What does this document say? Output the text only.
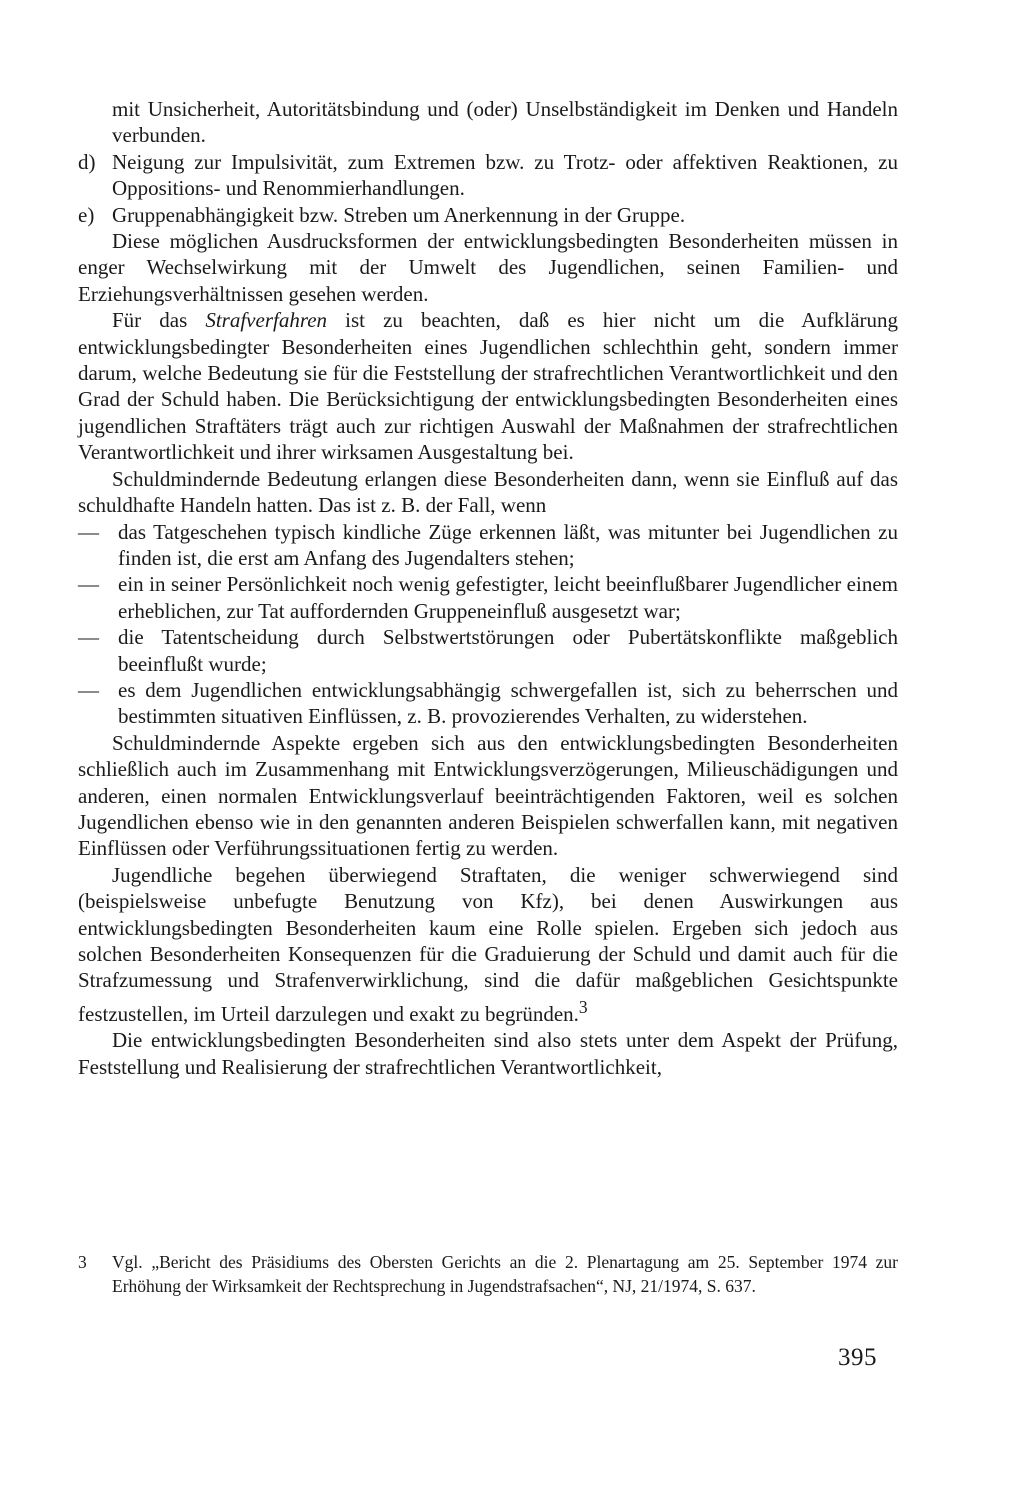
mit Unsicherheit, Autoritätsbindung und (oder) Unselbständigkeit im Denken und Handeln verbunden.

d) Neigung zur Impulsivität, zum Extremen bzw. zu Trotz- oder affektiven Reaktionen, zu Oppositions- und Renommierhandlungen.
e) Gruppenabhängigkeit bzw. Streben um Anerkennung in der Gruppe.

Diese möglichen Ausdrucksformen der entwicklungsbedingten Besonderheiten müssen in enger Wechselwirkung mit der Umwelt des Jugendlichen, seinen Familien- und Erziehungsverhältnissen gesehen werden.

Für das Strafverfahren ist zu beachten, daß es hier nicht um die Aufklärung entwicklungsbedingter Besonderheiten eines Jugendlichen schlechthin geht, sondern immer darum, welche Bedeutung sie für die Feststellung der strafrechtlichen Verantwortlichkeit und den Grad der Schuld haben. Die Berücksichtigung der entwicklungsbedingten Besonderheiten eines jugendlichen Straftäters trägt auch zur richtigen Auswahl der Maßnahmen der strafrechtlichen Verantwortlichkeit und ihrer wirksamen Ausgestaltung bei.

Schuldmindernde Bedeutung erlangen diese Besonderheiten dann, wenn sie Einfluß auf das schuldhafte Handeln hatten. Das ist z. B. der Fall, wenn

— das Tatgeschehen typisch kindliche Züge erkennen läßt, was mitunter bei Jugendlichen zu finden ist, die erst am Anfang des Jugendalters stehen;
— ein in seiner Persönlichkeit noch wenig gefestigter, leicht beeinflußbarer Jugendlicher einem erheblichen, zur Tat auffordernden Gruppeneinfluß ausgesetzt war;
— die Tatentscheidung durch Selbstwertstörungen oder Pubertätskonflikte maßgeblich beeinflußt wurde;
— es dem Jugendlichen entwicklungsabhängig schwergefallen ist, sich zu beherrschen und bestimmten situativen Einflüssen, z. B. provozierendes Verhalten, zu widerstehen.

Schuldmindernde Aspekte ergeben sich aus den entwicklungsbedingten Besonderheiten schließlich auch im Zusammenhang mit Entwicklungsverzögerungen, Milieuschädigungen und anderen, einen normalen Entwicklungsverlauf beeinträchtigenden Faktoren, weil es solchen Jugendlichen ebenso wie in den genannten anderen Beispielen schwerfallen kann, mit negativen Einflüssen oder Verführungssituationen fertig zu werden.

Jugendliche begehen überwiegend Straftaten, die weniger schwerwiegend sind (beispielsweise unbefugte Benutzung von Kfz), bei denen Auswirkungen aus entwicklungsbedingten Besonderheiten kaum eine Rolle spielen. Ergeben sich jedoch aus solchen Besonderheiten Konsequenzen für die Graduierung der Schuld und damit auch für die Strafzumessung und Strafenverwirklichung, sind die dafür maßgeblichen Gesichtspunkte festzustellen, im Urteil darzulegen und exakt zu begründen.$^3$

Die entwicklungsbedingten Besonderheiten sind also stets unter dem Aspekt der Prüfung, Feststellung und Realisierung der strafrechtlichen Verantwortlichkeit,

3	Vgl. „Bericht des Präsidiums des Obersten Gerichts an die 2. Plenartagung am 25. September 1974 zur Erhöhung der Wirksamkeit der Rechtsprechung in Jugendstrafsachen“, NJ, 21/1974, S. 637.
395
